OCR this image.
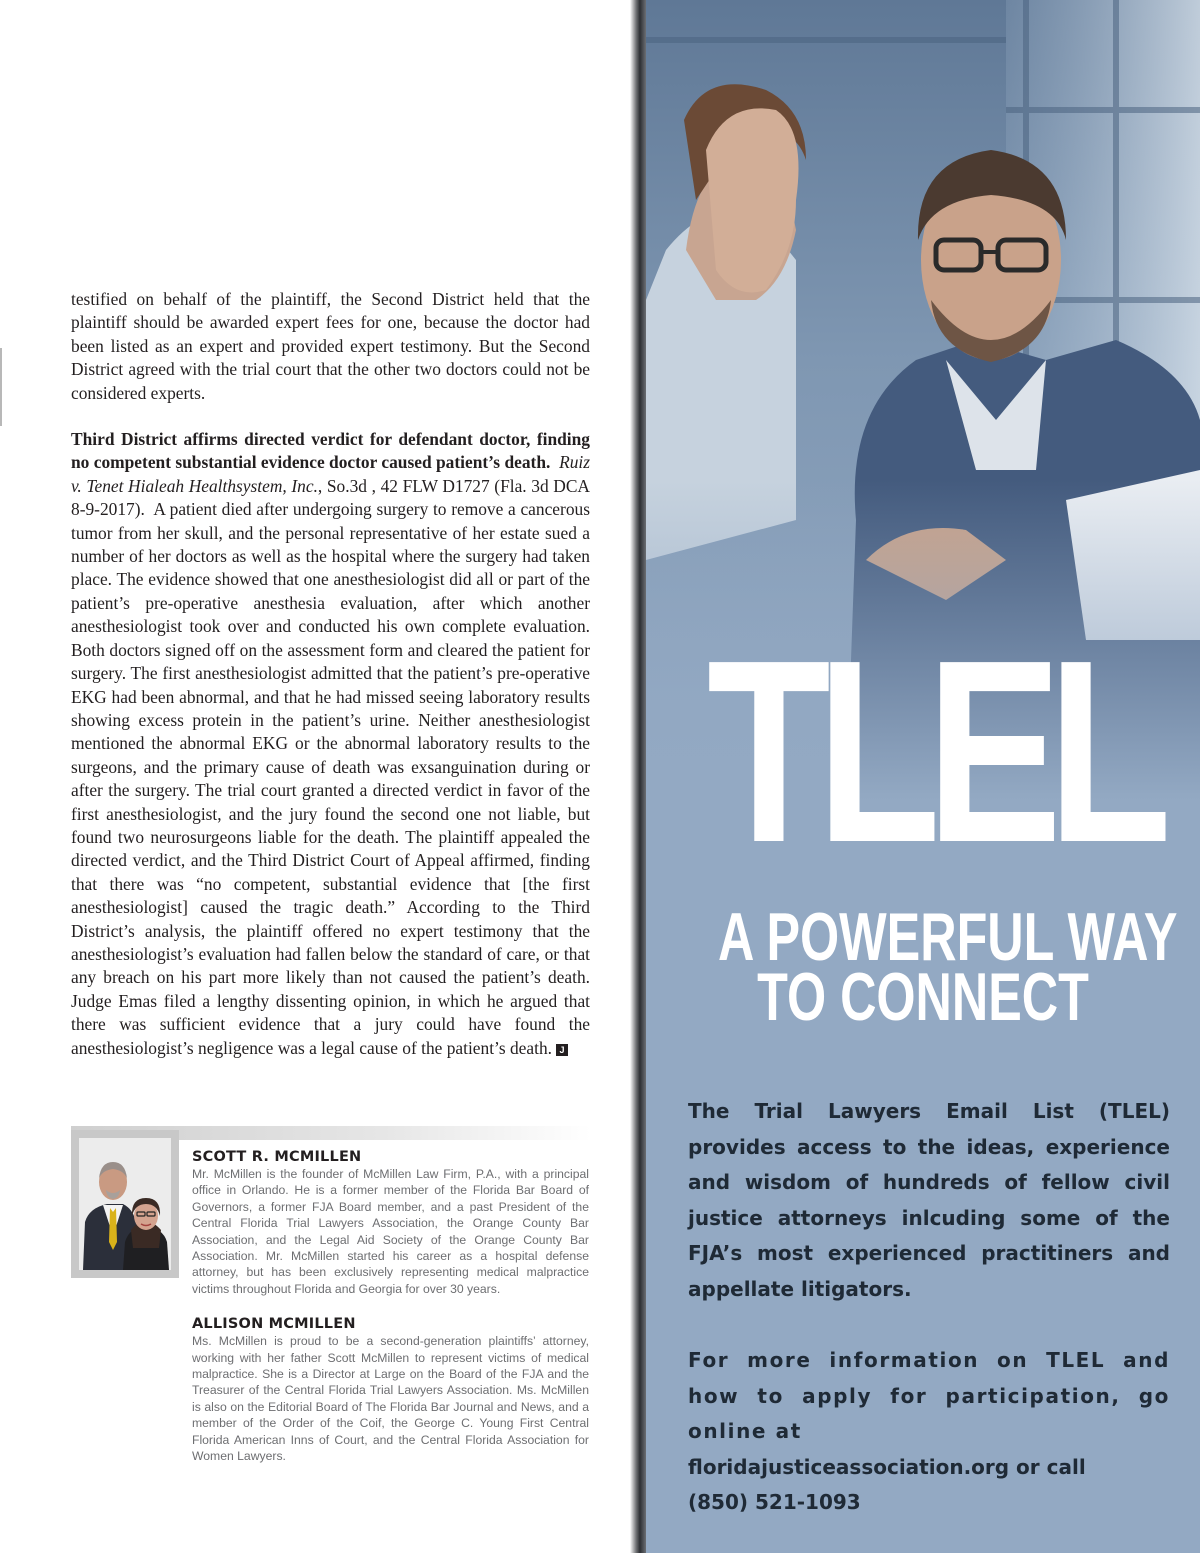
testified on behalf of the plaintiff, the Second District held that the plaintiff should be awarded expert fees for one, because the doctor had been listed as an expert and provided expert testimony. But the Second District agreed with the trial court that the other two doctors could not be considered experts.

Third District affirms directed verdict for defendant doctor, finding no competent substantial evidence doctor caused patient’s death. Ruiz v. Tenet Hialeah Healthsystem, Inc., So.3d , 42 FLW D1727 (Fla. 3d DCA 8-9-2017). A patient died after undergoing surgery to remove a cancerous tumor from her skull, and the personal representative of her estate sued a number of her doctors as well as the hospital where the surgery had taken place. The evidence showed that one anesthesiologist did all or part of the patient’s pre-operative anesthesia evaluation, after which another anesthesiologist took over and conducted his own complete evaluation. Both doctors signed off on the assessment form and cleared the patient for surgery. The first anesthesiologist admitted that the patient’s pre-operative EKG had been abnormal, and that he had missed seeing laboratory results showing excess protein in the patient’s urine. Neither anesthesiologist mentioned the abnormal EKG or the abnormal laboratory results to the surgeons, and the primary cause of death was exsanguination during or after the surgery. The trial court granted a directed verdict in favor of the first anesthesiologist, and the jury found the second one not liable, but found two neurosurgeons liable for the death. The plaintiff appealed the directed verdict, and the Third District Court of Appeal affirmed, finding that there was “no competent, substantial evidence that [the first anesthesiologist] caused the tragic death.” According to the Third District’s analysis, the plaintiff offered no expert testimony that the anesthesiologist’s evaluation had fallen below the standard of care, or that any breach on his part more likely than not caused the patient’s death. Judge Emas filed a lengthy dissenting opinion, in which he argued that there was sufficient evidence that a jury could have found the anesthesiologist’s negligence was a legal cause of the patient’s death. J

SCOTT R. MCMILLEN
Mr. McMillen is the founder of McMillen Law Firm, P.A., with a principal office in Orlando. He is a former member of the Florida Bar Board of Governors, a former FJA Board member, and a past President of the Central Florida Trial Lawyers Association, the Orange County Bar Association, and the Legal Aid Society of the Orange County Bar Association. Mr. McMillen started his career as a hospital defense attorney, but has been exclusively representing medical malpractice victims throughout Florida and Georgia for over 30 years.
ALLISON MCMILLEN
Ms. McMillen is proud to be a second-generation plaintiffs’ attorney, working with her father Scott McMillen to represent victims of medical malpractice. She is a Director at Large on the Board of the FJA and the Treasurer of the Central Florida Trial Lawyers Association. Ms. McMillen is also on the Editorial Board of The Florida Bar Journal and News, and a member of the Order of the Coif, the George C. Young First Central Florida American Inns of Court, and the Central Florida Association for Women Lawyers.
TLEL
A POWERFUL WAY
TO CONNECT

The Trial Lawyers Email List (TLEL) provides access to the ideas, experience and wisdom of hundreds of fellow civil justice attorneys inlcuding some of the FJA’s most experienced practitiners and appellate litigators.

For more information on TLEL and how to apply for participation, go online at

floridajusticeassociation.org or call

(850) 521-1093
